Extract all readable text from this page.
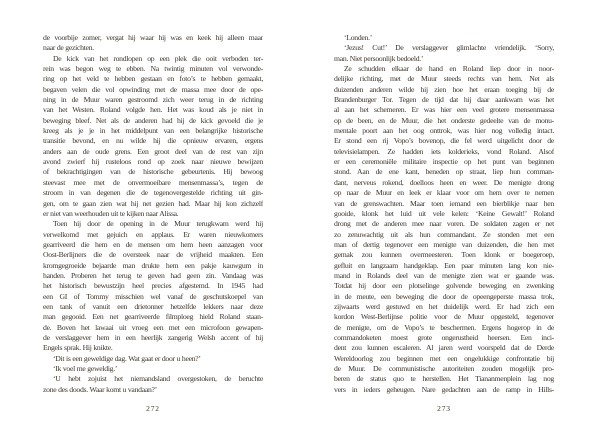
de voorbije zomer, vergat hij waar hij was en keek hij alleen maar
naar de gezichten.
De kick van het rondlopen op een plek die ooit verboden ter-
rein was begon weg te ebben. Na twintig minuten vol verwonde-
ring op het veld te hebben gestaan en foto’s te hebben gemaakt,
begaven velen die vol opwinding met de massa mee door de ope-
ning in de Muur waren gestroomd zich weer terug in de richting
van het Westen. Roland volgde hen. Het was koud als je niet in
beweging bleef. Net als de anderen had hij de kick gevoeld die je
kreeg als je je in het middelpunt van een belangrijke historische
transitie bevond, en nu wilde hij die opnieuw ervaren, ergens
anders aan de oude grens. Een groot deel van de rest van zijn
avond zwierf hij rusteloos rond op zoek naar nieuwe bewijzen
of bekrachtigingen van de historische gebeurtenis. Hij bewoog
steevast mee met de onvermoeibare mensenmassa’s, tegen de
stroom in van degenen die de tegenovergestelde richting uit gin-
gen, om te gaan zien wat hij net gezien had. Maar hij kon zichzelf
er niet van weerhouden uit te kijken naar Alissa.
Toen hij door de opening in de Muur terugkwam werd hij
verwelkomd met gejuich en applaus. Er waren nieuwkomers
gearriveerd die hem en de mensen om hem heen aanzagen voor
Oost-Berlijners die de oversteek naar de vrijheid maakten. Een
kromgegroeide bejaarde man drukte hem een pakje kauwgum in
handen. Proberen het terug te geven had geen zin. Vandaag was
het historisch bewustzijn heel precies afgestemd. In 1945 had
een GI of Tommy misschien wel vanaf de geschutskoepel van
een tank of vanuit een drietonner hetzelfde lekkers naar deze
man gegooid. Een net gearriveerde filmploeg hield Roland staan-
de. Boven het lawaai uit vroeg een met een microfoon gewapen-
de verslaggever hem in een heerlijk zangerig Welsh accent of hij
Engels sprak. Hij knikte.
‘Dit is een geweldige dag. Wat gaat er door u heen?’
‘Ik voel me geweldig.’
‘U hebt zojuist het niemandsland overgestoken, de beruchte
zone des doods. Waar komt u vandaan?’
272
‘Londen.’
‘Jezus! Cut!’ De verslaggever glimlachte vriendelijk. ‘Sorry,
man. Niet persoonlijk bedoeld.’
Ze schudden elkaar de hand en Roland liep door in noor-
delijke richting, met de Muur steeds rechts van hem. Net als
duizenden anderen wilde hij zien hoe het eraan toeging bij de
Brandenburger Tor. Tegen de tijd dat hij daar aankwam was het
al aan het schemeren. Er was hier een veel grotere mensenmassa
op de been, en de Muur, die het onderste gedeelte van de monu-
mentale poort aan het oog onttrok, was hier nog volledig intact.
Er stond een rij Vopo’s bovenop, die fel werd uitgelicht door de
televisielampen. Ze hadden iets kolderieks, vond Roland. Alsof
er een ceremoniële militaire inspectie op het punt van beginnen
stond. Aan de ene kant, beneden op straat, liep hun comman-
dant, nerveus rokend, doelloos heen en weer. De menigte drong
op naar de Muur en leek er klaar voor om hem over te nemen
van de grenswachten. Maar toen iemand een bierblikje naar hen
gooide, klonk het luid uit vele kelen: ‘Keine Gewalt!’ Roland
drong met de anderen mee naar voren. De soldaten zagen er net
zo zenuwachtig uit als hun commandant. Ze stonden met een
man of dertig tegenover een menigte van duizenden, die hen met
gemak zou kunnen overmeesteren. Toen klonk er boegeroep,
gefluit en langzaam handgeklap. Een paar minuten lang kon nie-
mand in Rolands deel van de menigte zien wat er gaande was.
Totdat hij door een plotselinge golvende beweging en zwenking
in de meute, een beweging die door de opeengeperste massa trok,
zijwaarts werd gestuwd en het duidelijk werd. Er had zich een
kordon West-Berlijnse politie voor de Muur opgesteld, tegenover
de menigte, om de Vopo’s te beschermen. Ergens hogerop in de
commandoketen moest grote ongerustheid heersen. Een inci-
dent zou kunnen escaleren. Al jaren werd voorspeld dat de Derde
Wereldoorlog zou beginnen met een ongelukkige confrontatie bij
de Muur. De communistische autoriteiten zouden mogelijk pro-
beren de status quo te herstellen. Het Tiananmenplein lag nog
vers in ieders geheugen. Nare gedachten aan de ramp in Hills-
273
